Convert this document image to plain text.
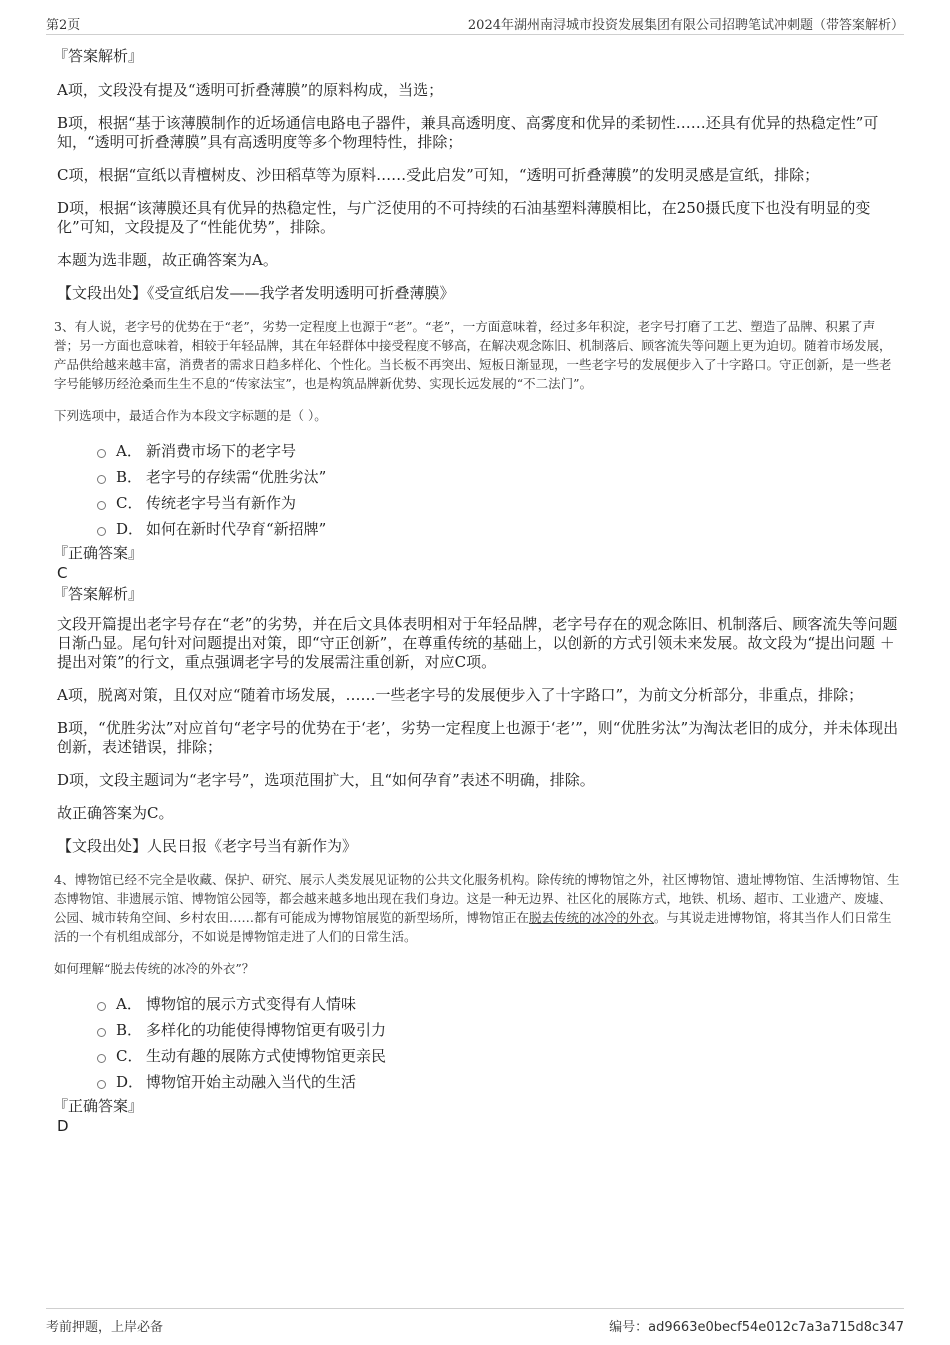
第2页	2024年湖州南浔城市投资发展集团有限公司招聘笔试冲刺题（带答案解析）

『答案解析』

A项，文段没有提及“透明可折叠薄膜”的原料构成，当选；

B项，根据“基于该薄膜制作的近场通信电路电子器件，兼具高透明度、高雾度和优异的柔韧性……还具有优异的热稳定性”可知，“透明可折叠薄膜”具有高透明度等多个物理特性，排除；

C项，根据“宣纸以青檀树皮、沙田稻草等为原料……受此启发”可知，“透明可折叠薄膜”的发明灵感是宣纸，排除；

D项，根据“该薄膜还具有优异的热稳定性，与广泛使用的不可持续的石油基塑料薄膜相比，在250摄氏度下也没有明显的变化”可知，文段提及了“性能优势”，排除。

本题为选非题，故正确答案为A。

【文段出处】《受宣纸启发——我学者发明透明可折叠薄膜》

3、有人说，老字号的优势在于“老”，劣势一定程度上也源于“老”。“老”，一方面意味着，经过多年积淀，老字号打磨了工艺、塑造了品牌、积累了声誉；另一方面也意味着，相较于年轻品牌，其在年轻群体中接受程度不够高，在解决观念陈旧、机制落后、顾客流失等问题上更为迫切。随着市场发展，产品供给越来越丰富，消费者的需求日趋多样化、个性化。当长板不再突出、短板日渐显现，一些老字号的发展便步入了十字路口。守正创新，是一些老字号能够历经沧桑而生生不息的“传家法宝”，也是构筑品牌新优势、实现长远发展的“不二法门”。

下列选项中，最适合作为本段文字标题的是（ ）。

A． 新消费市场下的老字号
B． 老字号的存续需“优胜劣汰”
C． 传统老字号当有新作为
D． 如何在新时代孕育“新招牌”

『正确答案』

C

『答案解析』

文段开篇提出老字号存在“老”的劣势，并在后文具体表明相对于年轻品牌，老字号存在的观念陈旧、机制落后、顾客流失等问题日渐凸显。尾句针对问题提出对策，即“守正创新”，在尊重传统的基础上，以创新的方式引领未来发展。故文段为“提出问题 ＋ 提出对策”的行文，重点强调老字号的发展需注重创新，对应C项。

A项，脱离对策，且仅对应“随着市场发展，……一些老字号的发展便步入了十字路口”，为前文分析部分，非重点，排除；

B项，“优胜劣汰”对应首句“老字号的优势在于‘老’，劣势一定程度上也源于‘老’”，则“优胜劣汰”为淘汰老旧的成分，并未体现出创新，表述错误，排除；

D项，文段主题词为“老字号”，选项范围扩大，且“如何孕育”表述不明确，排除。

故正确答案为C。

【文段出处】人民日报《老字号当有新作为》

4、博物馆已经不完全是收藏、保护、研究、展示人类发展见证物的公共文化服务机构。除传统的博物馆之外，社区博物馆、遗址博物馆、生活博物馆、生态博物馆、非遗展示馆、博物馆公园等，都会越来越多地出现在我们身边。这是一种无边界、社区化的展陈方式，地铁、机场、超市、工业遗产、废墟、公园、城市转角空间、乡村农田……都有可能成为博物馆展览的新型场所，博物馆正在脱去传统的冰冷的外衣。与其说走进博物馆，将其当作人们日常生活的一个有机组成部分，不如说是博物馆走进了人们的日常生活。

如何理解“脱去传统的冰冷的外衣”？

A． 博物馆的展示方式变得有人情味
B． 多样化的功能使得博物馆更有吸引力
C． 生动有趣的展陈方式使博物馆更亲民
D． 博物馆开始主动融入当代的生活

『正确答案』

D

考前押题，上岸必备	编号：ad9663e0becf54e012c7a3a715d8c347
